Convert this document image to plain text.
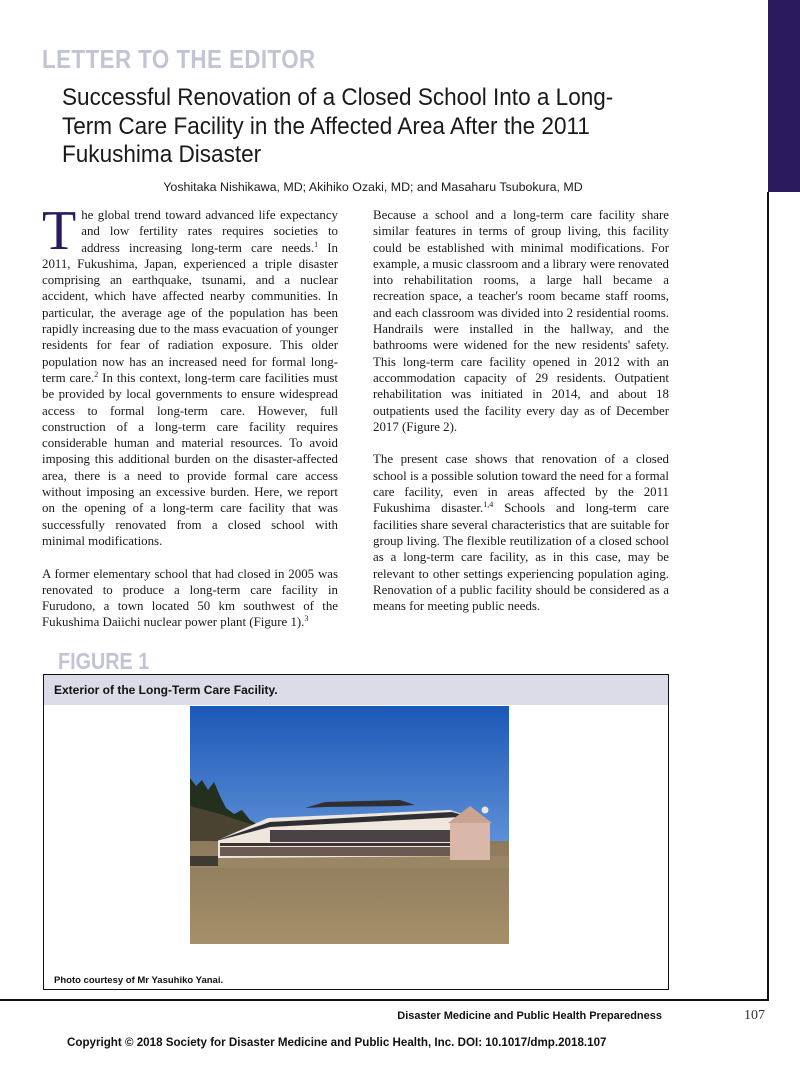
LETTER TO THE EDITOR
Successful Renovation of a Closed School Into a Long-Term Care Facility in the Affected Area After the 2011 Fukushima Disaster
Yoshitaka Nishikawa, MD; Akihiko Ozaki, MD; and Masaharu Tsubokura, MD

The global trend toward advanced life expectancy and low fertility rates requires societies to address increasing long-term care needs.$^1$ In 2011, Fukushima, Japan, experienced a triple disaster comprising an earthquake, tsunami, and a nuclear accident, which have affected nearby communities. In particular, the average age of the population has been rapidly increasing due to the mass evacuation of younger residents for fear of radiation exposure. This older population now has an increased need for formal long-term care.$^2$ In this context, long-term care facilities must be provided by local governments to ensure widespread access to formal long-term care. However, full construction of a long-term care facility requires considerable human and material resources. To avoid imposing this additional burden on the disaster-affected area, there is a need to provide formal care access without imposing an excessive burden. Here, we report on the opening of a long-term care facility that was successfully renovated from a closed school with minimal modifications.

A former elementary school that had closed in 2005 was renovated to produce a long-term care facility in Furudono, a town located 50 km southwest of the Fukushima Daiichi nuclear power plant (Figure 1).$^3$

Because a school and a long-term care facility share similar features in terms of group living, this facility could be established with minimal modifications. For example, a music classroom and a library were renovated into rehabilitation rooms, a large hall became a recreation space, a teacher's room became staff rooms, and each classroom was divided into 2 residential rooms. Handrails were installed in the hallway, and the bathrooms were widened for the new residents' safety. This long-term care facility opened in 2012 with an accommodation capacity of 29 residents. Outpatient rehabilitation was initiated in 2014, and about 18 outpatients used the facility every day as of December 2017 (Figure 2).

The present case shows that renovation of a closed school is a possible solution toward the need for a formal care facility, even in areas affected by the 2011 Fukushima disaster.$^{1,4}$ Schools and long-term care facilities share several characteristics that are suitable for group living. The flexible reutilization of a closed school as a long-term care facility, as in this case, may be relevant to other settings experiencing population aging. Renovation of a public facility should be considered as a means for meeting public needs.

FIGURE 1
Exterior of the Long-Term Care Facility.
Photo courtesy of Mr Yasuhiko Yanai.
Disaster Medicine and Public Health Preparedness	107
Copyright © 2018 Society for Disaster Medicine and Public Health, Inc. DOI: 10.1017/dmp.2018.107
